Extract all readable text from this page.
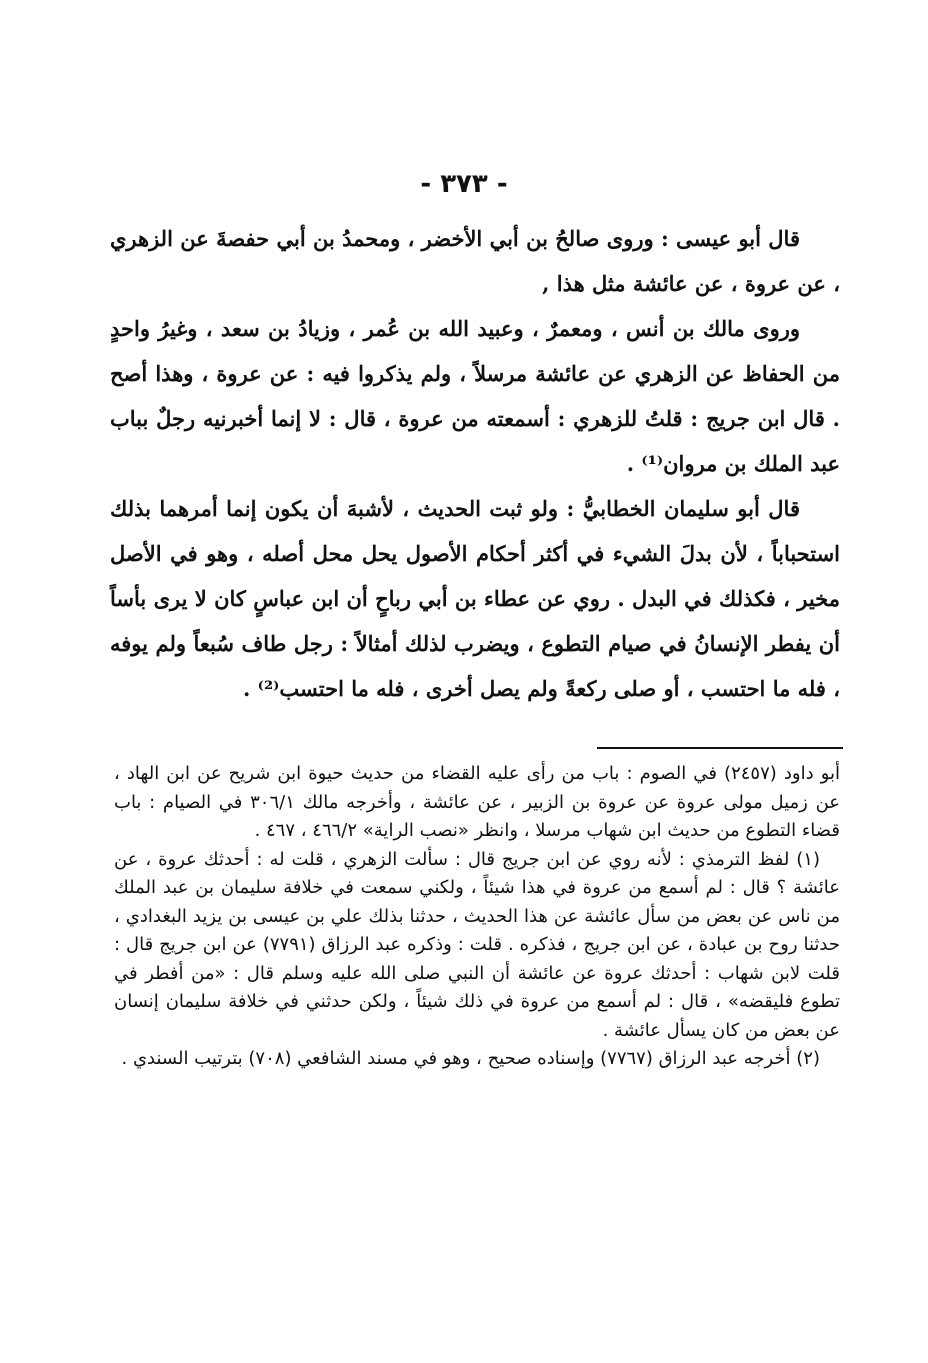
- ٣٧٣ -

قال أبو عيسى : وروى صالحُ بن أبي الأخضر ، ومحمدُ بن أبي حفصةَ عن الزهري ، عن عروة ، عن عائشة مثل هذا ,

وروى مالك بن أنس ، ومعمرٌ ، وعبيد الله بن عُمر ، وزيادُ بن سعد ، وغيرُ واحدٍ من الحفاظ عن الزهري عن عائشة مرسلاً ، ولم يذكروا فيه : عن عروة ، وهذا أصح . قال ابن جريج : قلتُ للزهري : أسمعته من عروة ، قال : لا إنما أخبرنيه رجلٌ بباب عبد الملك بن مروان⁽¹⁾ .

قال أبو سليمان الخطابيُّ : ولو ثبت الحديث ، لأشبهَ أن يكون إنما أمرهما بذلك استحباباً ، لأن بدلَ الشيء في أكثر أحكام الأصول يحل محل أصله ، وهو في الأصل مخير ، فكذلك في البدل . روي عن عطاء بن أبي رباحٍ أن ابن عباسٍ كان لا يرى بأساً أن يفطر الإنسانُ في صيام التطوع ، ويضرب لذلك أمثالاً : رجل طاف سُبعاً ولم يوفه ، فله ما احتسب ، أو صلى ركعةً ولم يصل أخرى ، فله ما احتسب⁽²⁾ .

أبو داود (٢٤٥٧) في الصوم : باب من رأى عليه القضاء من حديث حيوة ابن شريح عن ابن الهاد ، عن زميل مولى عروة عن عروة بن الزبير ، عن عائشة ، وأخرجه مالك ٣٠٦/١ في الصيام : باب قضاء التطوع من حديث ابن شهاب مرسلا ، وانظر «نصب الراية» ٤٦٦/٢ ، ٤٦٧ .

(١) لفظ الترمذي : لأنه روي عن ابن جريج قال : سألت الزهري ، قلت له : أحدثك عروة ، عن عائشة ؟ قال : لم أسمع من عروة في هذا شيئاً ، ولكني سمعت في خلافة سليمان بن عبد الملك من ناس عن بعض من سأل عائشة عن هذا الحديث ، حدثنا بذلك علي بن عيسى بن يزيد البغدادي ، حدثنا روح بن عبادة ، عن ابن جريج ، فذكره . قلت : وذكره عبد الرزاق (٧٧٩١) عن ابن جريج قال : قلت لابن شهاب : أحدثك عروة عن عائشة أن النبي صلى الله عليه وسلم قال : «من أفطر في تطوع فليقضه» ، قال : لم أسمع من عروة في ذلك شيئاً ، ولكن حدثني في خلافة سليمان إنسان عن بعض من كان يسأل عائشة .

(٢) أخرجه عبد الرزاق (٧٧٦٧) وإسناده صحيح ، وهو في مسند الشافعي (٧٠٨) بترتيب السندي .
